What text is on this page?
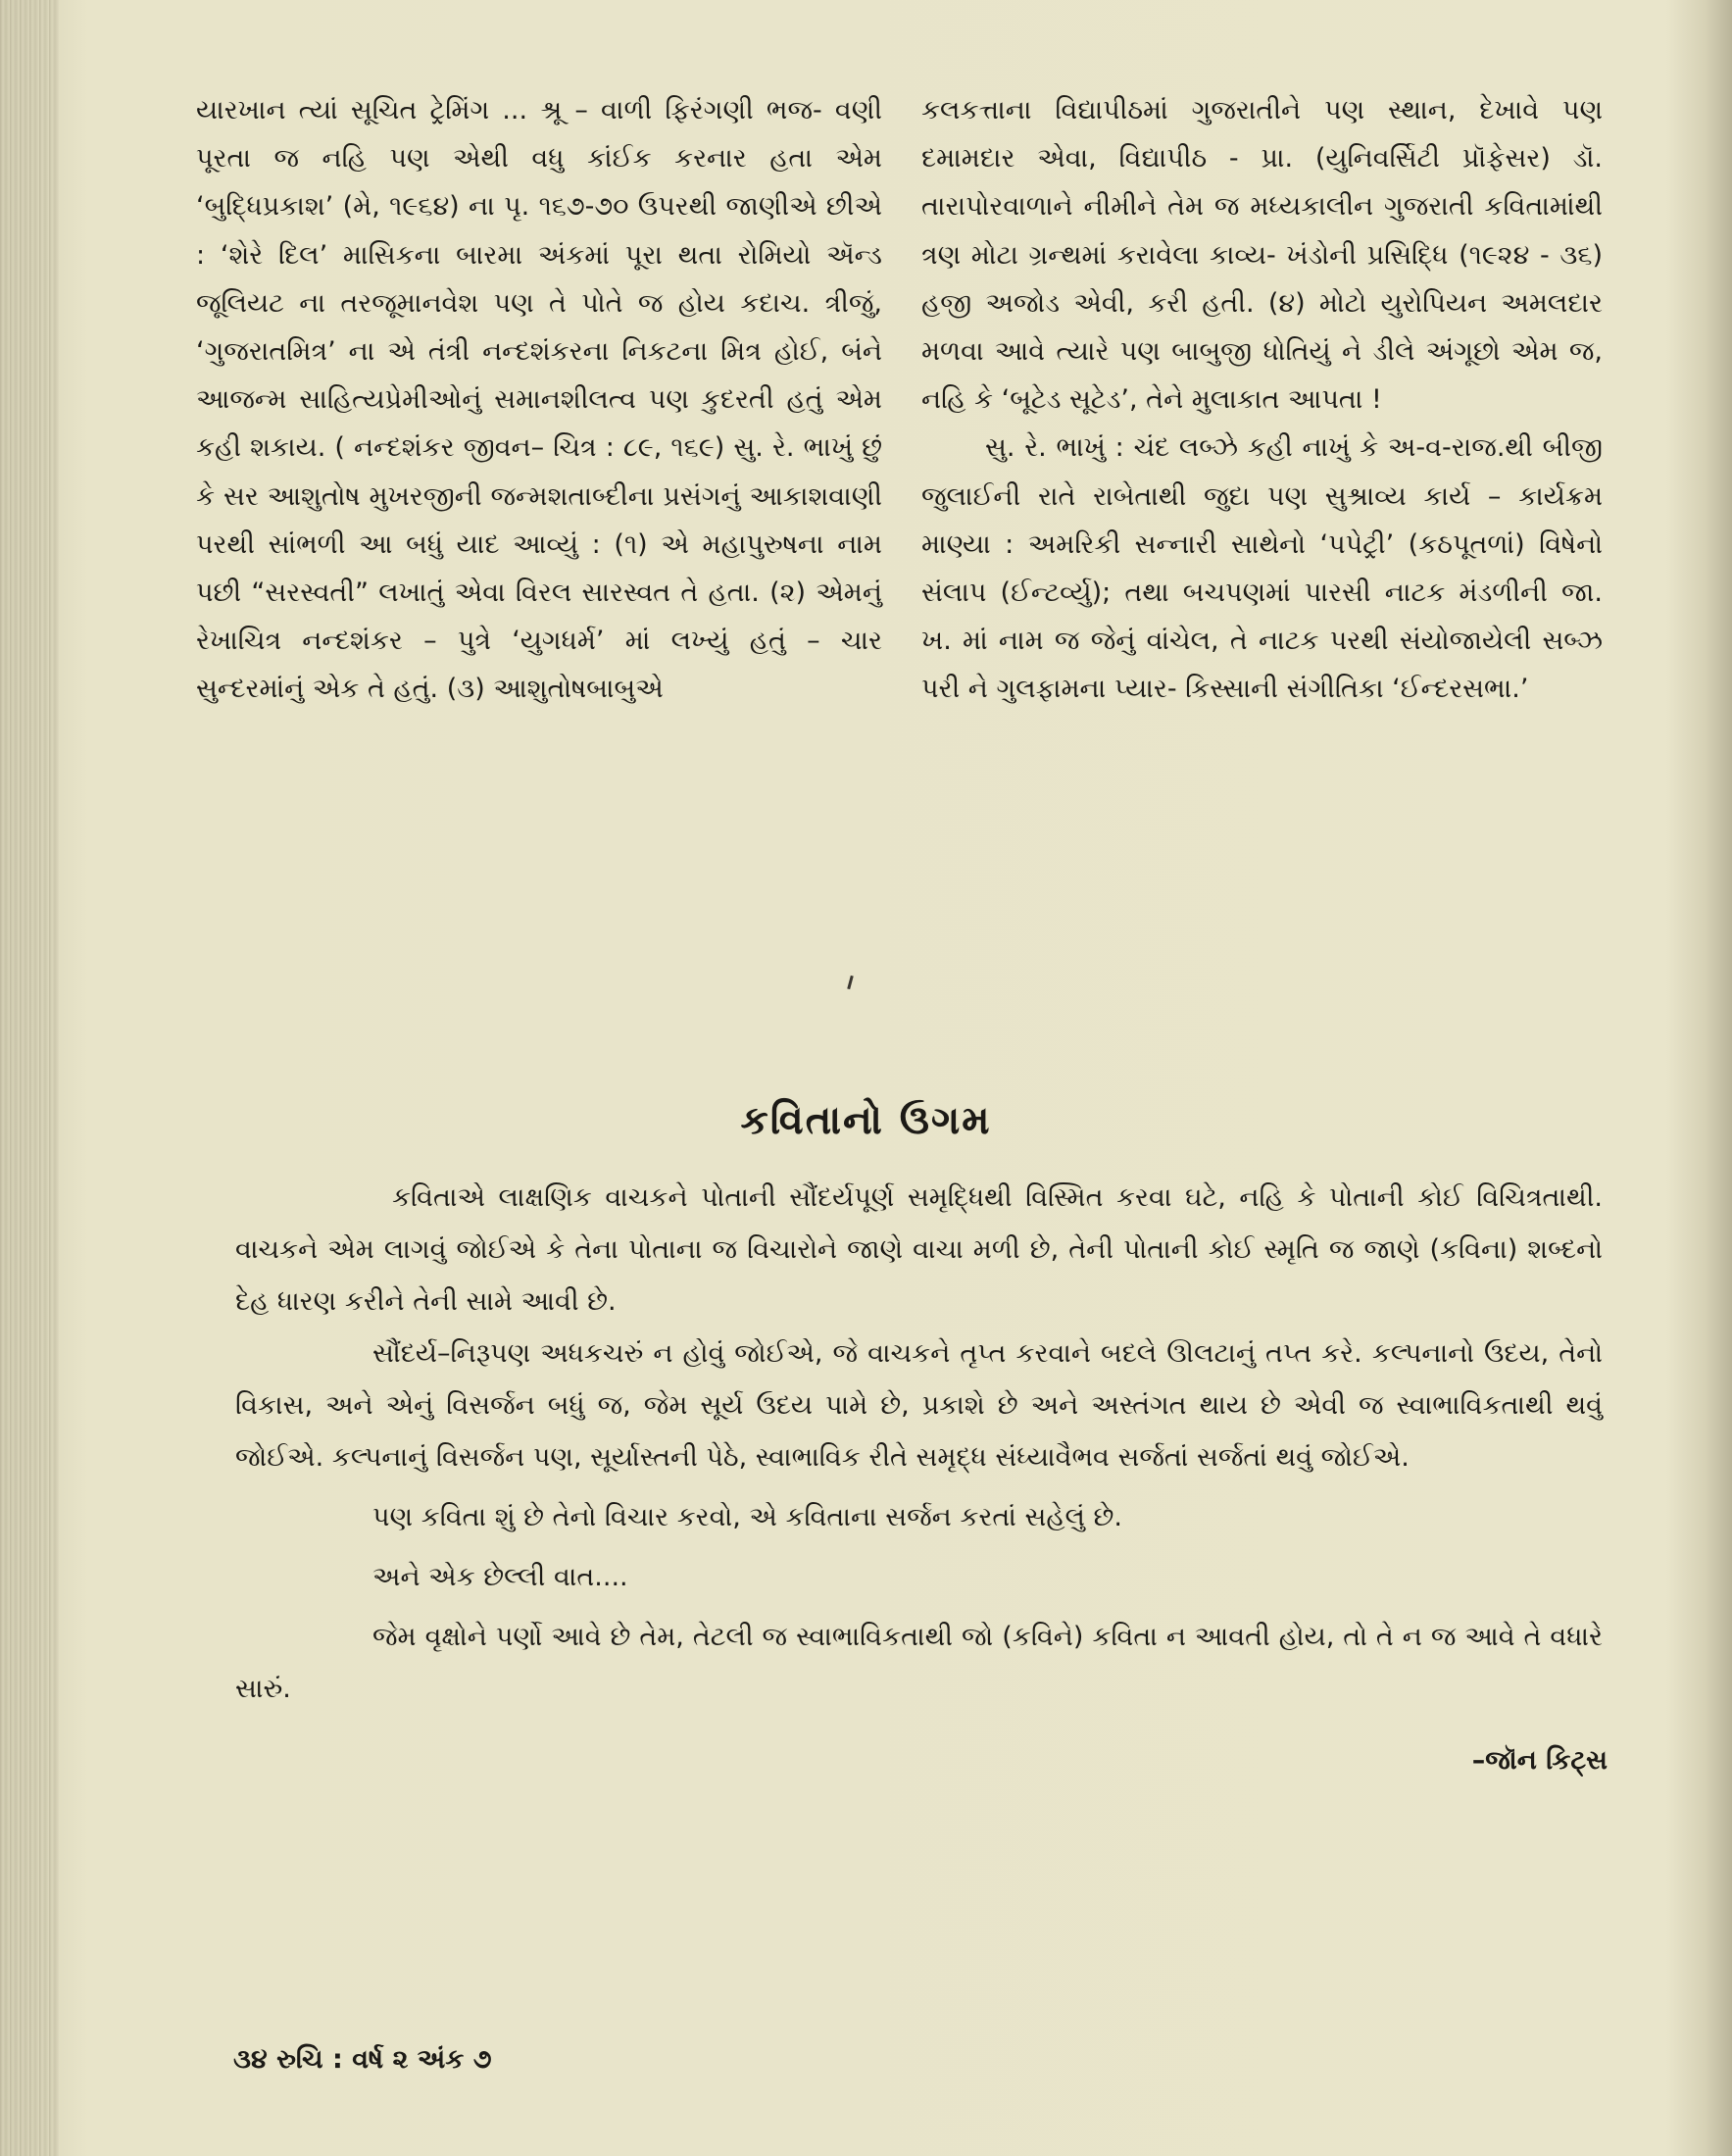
યારખાન ત્યાં સૂચિત ટ્રેમિંગ ... શ્રૂ – વાળી ફિરંગણી ભજ- વણી પૂરતા જ નહિ પણ એથી વધુ કાંઈક કરનાર હતા એમ ‘બુદ્ધિપ્રકાશ’ (મે, ૧૯૬૪) ના પૃ. ૧૬૭-૭૦ ઉપરથી જાણીએ છીએ : ‘શેરે દિલ’ માસિકના બારમા અંકમાં પૂરા થતા રોમિયો ઍન્ડ જૂલિયટ ના તરજૂમાનવેશ પણ તે પોતે જ હોય કદાચ. ત્રીજું, ‘ગુજરાતમિત્ર’ ના એ તંત્રી નન્દશંકરના નિકટના મિત્ર હોઈ, બંને આજન્મ સાહિત્યપ્રેમીઓનું સમાનશીલત્વ પણ કુદરતી હતું એમ કહી શકાય. ( નન્દશંકર જીવન– ચિત્ર : ૮૯, ૧૬૯) સુ. રે. ભાખું છું કે સર આશુતોષ મુખરજીની જન્મશતાબ્દીના પ્રસંગનું આકાશવાણી પરથી સાંભળી આ બધું યાદ આવ્યું : (૧) એ મહાપુરુષના નામ પછી “સરસ્વતી” લખાતું એવા વિરલ સારસ્વત તે હતા. (૨) એમનું રેખાચિત્ર નન્દશંકર – પુત્રે ‘યુગધર્મ’ માં લખ્યું હતું – ચાર સુન્દરમાંનું એક તે હતું. (૩) આશુતોષબાબુએ

કલકત્તાના વિદ્યાપીઠમાં ગુજરાતીને પણ સ્થાન, દેખાવે પણ દમામદાર એવા, વિદ્યાપીઠ - પ્રા. (યુનિવર્સિટી પ્રૉફેસર) ડૉ. તારાપોરવાળાને નીમીને તેમ જ મધ્યકાલીન ગુજરાતી કવિતામાંથી ત્રણ મોટા ગ્રન્થમાં કરાવેલા કાવ્ય- ખંડોની પ્રસિદ્ધિ (૧૯૨૪ - ૩૬) હજી અજોડ એવી, કરી હતી. (૪) મોટો યુરોપિયન અમલદાર મળવા આવે ત્યારે પણ બાબુજી ધોતિયું ને ડીલે અંગૂછો એમ જ, નહિ કે ‘બૂટેડ સૂટેડ’, તેને મુલાકાત આપતા !

સુ. રે. ભાખું : ચંદ લબ્ઝે કહી નાખું કે અ-વ-રાજ.થી બીજી જુલાઈની રાતે રાબેતાથી જુદા પણ સુશ્રાવ્ય કાર્ય – કાર્યક્રમ માણ્યા : અમરિકી સન્નારી સાથેનો ‘પપેટ્રી’ (કઠપૂતળાં) વિષેનો સંલાપ (ઈન્ટર્વ્યુ); તથા બચપણમાં પારસી નાટક મંડળીની જા. ખ. માં નામ જ જેનું વાંચેલ, તે નાટક પરથી સંયોજાયેલી સબ્ઝ પરી ને ગુલફામના પ્યાર- કિસ્સાની સંગીતિકા ‘ઈન્દરસભા.’

કવિતાનો ઉગમ

કવિતાએ લાક્ષણિક વાચકને પોતાની સૌંદર્યપૂર્ણ સમૃદ્ધિથી વિસ્મિત કરવા ઘટે, નહિ કે પોતાની કોઈ વિચિત્રતાથી. વાચકને એમ લાગવું જોઈએ કે તેના પોતાના જ વિચારોને જાણે વાચા મળી છે, તેની પોતાની કોઈ સ્મૃતિ જ જાણે (કવિના) શબ્દનો દેહ ધારણ કરીને તેની સામે આવી છે.

સૌંદર્ય–નિરૂપણ અધકચરું ન હોવું જોઈએ, જે વાચકને તૃપ્ત કરવાને બદલે ઊલટાનું તપ્ત કરે. કલ્પનાનો ઉદય, તેનો વિકાસ, અને એનું વિસર્જન બધું જ, જેમ સૂર્ય ઉદય પામે છે, પ્રકાશે છે અને અસ્તંગત થાય છે એવી જ સ્વાભાવિકતાથી થવું જોઈએ. કલ્પનાનું વિસર્જન પણ, સૂર્યાસ્તની પેઠે, સ્વાભાવિક રીતે સમૃદ્ધ સંધ્યાવૈભવ સર્જતાં સર્જતાં થવું જોઈએ.

પણ કવિતા શું છે તેનો વિચાર કરવો, એ કવિતાના સર્જન કરતાં સહેલું છે.

અને એક છેલ્લી વાત....

જેમ વૃક્ષોને પર્ણો આવે છે તેમ, તેટલી જ સ્વાભાવિકતાથી જો (કવિને) કવિતા ન આવતી હોય, તો તે ન જ આવે તે વધારે સારું.

–જૉન કિટ્સ
૩૪ રુચિ : વર્ષ ૨ અંક ૭
